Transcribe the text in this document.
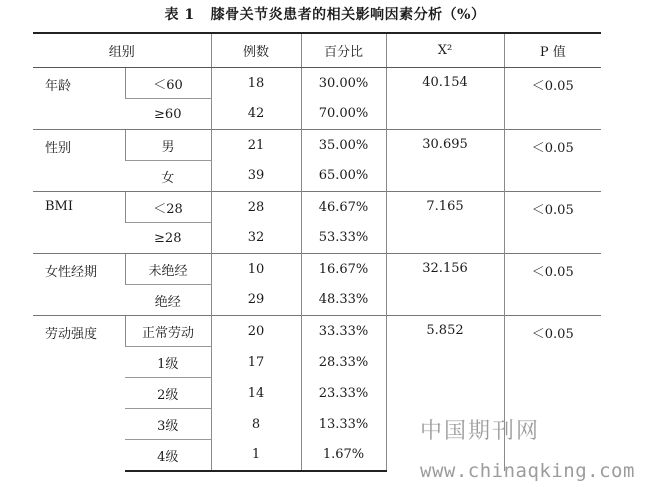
表 1 膝骨关节炎患者的相关影响因素分析（%）
组别		例数	百分比	X²	P 值

年龄	＜60	18	30.00%	40.154	＜0.05
	≥60	42	70.00%		

性别	男	21	35.00%	30.695	＜0.05
	女	39	65.00%		

BMI	＜28	28	46.67%	7.165	＜0.05
	≥28	32	53.33%		

女性经期	未绝经	10	16.67%	32.156	＜0.05
	绝经	29	48.33%		

劳动强度	正常劳动	20	33.33%	5.852	＜0.05
	1级	17	28.33%		
	2级	14	23.33%		
	3级	8	13.33%		
	4级	1	1.67%		
中国期刊网
www.chinaqking.com
